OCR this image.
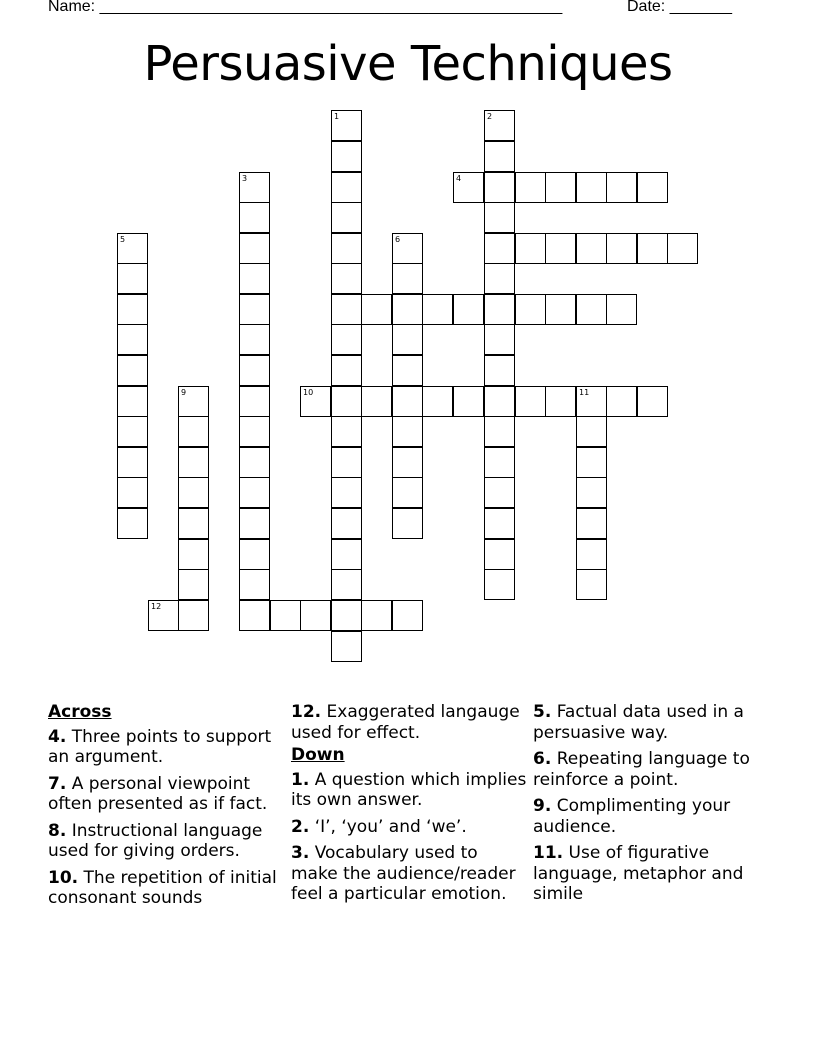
Name: ____________________________________________________	Date: _______
Persuasive Techniques
1	2
3	4
5	6
9	10	11
12
Across
4. Three points to support an argument.
7. A personal viewpoint often presented as if fact.
8. Instructional language used for giving orders.
10. The repetition of initial consonant sounds
12. Exaggerated langauge used for effect.
Down
1. A question which implies its own answer.
2. ‘I’, ‘you’ and ‘we’.
3. Vocabulary used to make the audience/reader feel a particular emotion.
5. Factual data used in a persuasive way.
6. Repeating language to reinforce a point.
9. Complimenting your audience.
11. Use of figurative language, metaphor and simile
